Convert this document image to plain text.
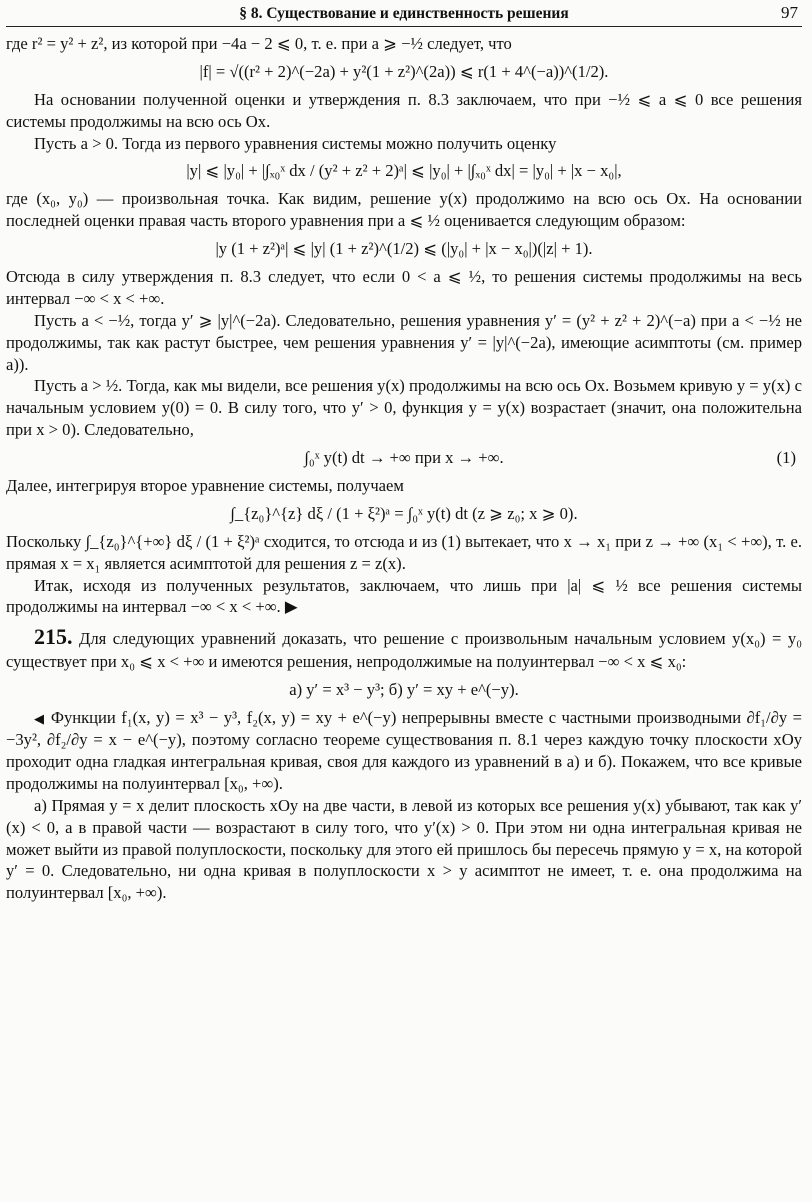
§ 8. Существование и единственность решения	97

где r² = y² + z², из которой при −4a − 2 ⩽ 0, т. е. при a ⩾ −½ следует, что

|f| = √((r² + 2)^(−2a) + y²(1 + z²)^(2a)) ⩽ r(1 + 4^(−a))^(1/2).

На основании полученной оценки и утверждения п. 8.3 заключаем, что при −½ ⩽ a ⩽ 0 все решения системы продолжимы на всю ось Ox.

Пусть a > 0. Тогда из первого уравнения системы можно получить оценку

|y| ⩽ |y₀| + |∫ₓ₀ˣ dx / (y² + z² + 2)ᵃ| ⩽ |y₀| + |∫ₓ₀ˣ dx| = |y₀| + |x − x₀|,

где (x₀, y₀) — произвольная точка. Как видим, решение y(x) продолжимо на всю ось Ox. На основании последней оценки правая часть второго уравнения при a ⩽ ½ оценивается следующим образом:

|y (1 + z²)ᵃ| ⩽ |y| (1 + z²)^(1/2) ⩽ (|y₀| + |x − x₀|)(|z| + 1).

Отсюда в силу утверждения п. 8.3 следует, что если 0 < a ⩽ ½, то решения системы продолжимы на весь интервал −∞ < x < +∞.

Пусть a < −½, тогда y′ ⩾ |y|^(−2a). Следовательно, решения уравнения y′ = (y² + z² + 2)^(−a) при a < −½ не продолжимы, так как растут быстрее, чем решения уравнения y′ = |y|^(−2a), имеющие асимптоты (см. пример a)).

Пусть a > ½. Тогда, как мы видели, все решения y(x) продолжимы на всю ось Ox. Возьмем кривую y = y(x) с начальным условием y(0) = 0. В силу того, что y′ > 0, функция y = y(x) возрастает (значит, она положительна при x > 0). Следовательно,

∫₀ˣ y(t) dt → +∞ при x → +∞.	(1)

Далее, интегрируя второе уравнение системы, получаем

∫_{z₀}^{z} dξ / (1 + ξ²)ᵃ = ∫₀ˣ y(t) dt (z ⩾ z₀; x ⩾ 0).

Поскольку ∫_{z₀}^{+∞} dξ / (1 + ξ²)ᵃ сходится, то отсюда и из (1) вытекает, что x → x₁ при z → +∞ (x₁ < +∞), т. е. прямая x = x₁ является асимптотой для решения z = z(x).

Итак, исходя из полученных результатов, заключаем, что лишь при |a| ⩽ ½ все решения системы продолжимы на интервал −∞ < x < +∞. ▶

215. Для следующих уравнений доказать, что решение с произвольным начальным условием y(x₀) = y₀ существует при x₀ ⩽ x < +∞ и имеются решения, непродолжимые на полуинтервал −∞ < x ⩽ x₀:

а) y′ = x³ − y³; б) y′ = xy + e^(−y).

◀ Функции f₁(x, y) = x³ − y³, f₂(x, y) = xy + e^(−y) непрерывны вместе с частными производными ∂f₁/∂y = −3y², ∂f₂/∂y = x − e^(−y), поэтому согласно теореме существования п. 8.1 через каждую точку плоскости xOy проходит одна гладкая интегральная кривая, своя для каждого из уравнений в а) и б). Покажем, что все кривые продолжимы на полуинтервал [x₀, +∞).

а) Прямая y = x делит плоскость xOy на две части, в левой из которых все решения y(x) убывают, так как y′(x) < 0, а в правой части — возрастают в силу того, что y′(x) > 0. При этом ни одна интегральная кривая не может выйти из правой полуплоскости, поскольку для этого ей пришлось бы пересечь прямую y = x, на которой y′ = 0. Следовательно, ни одна кривая в полуплоскости x > y асимптот не имеет, т. е. она продолжима на полуинтервал [x₀, +∞).
